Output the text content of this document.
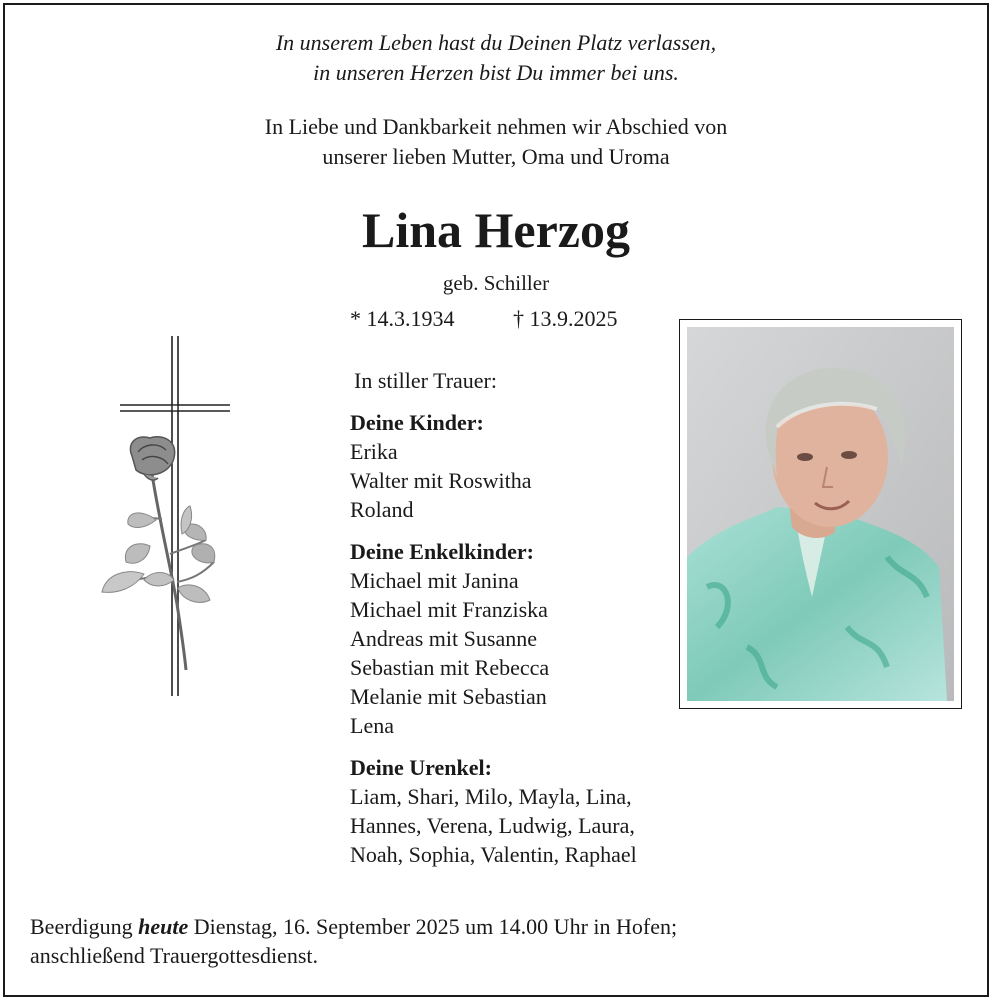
In unserem Leben hast du Deinen Platz verlassen,
in unseren Herzen bist Du immer bei uns.
In Liebe und Dankbarkeit nehmen wir Abschied von
unserer lieben Mutter, Oma und Uroma
Lina Herzog
geb. Schiller
* 14.3.1934	† 13.9.2025
In stiller Trauer:
Deine Kinder:
Erika
Walter mit Roswitha
Roland
Deine Enkelkinder:
Michael mit Janina
Michael mit Franziska
Andreas mit Susanne
Sebastian mit Rebecca
Melanie mit Sebastian
Lena
Deine Urenkel:
Liam, Shari, Milo, Mayla, Lina,
Hannes, Verena, Ludwig, Laura,
Noah, Sophia, Valentin, Raphael
Beerdigung heute Dienstag, 16. September 2025 um 14.00 Uhr in Hofen;
anschließend Trauergottesdienst.
